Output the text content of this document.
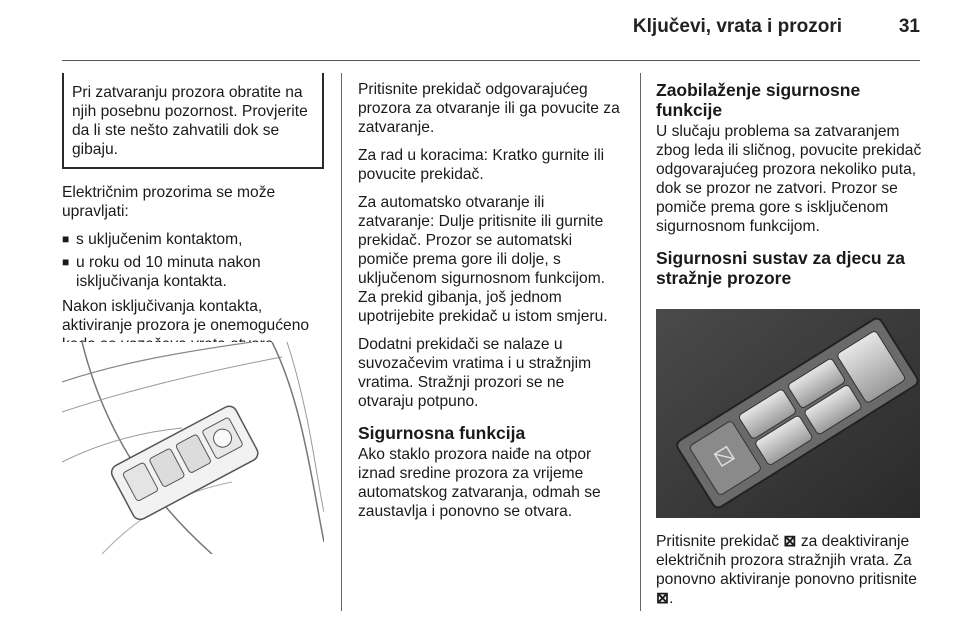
Ključevi, vrata i prozori	31
Pri zatvaranju prozora obratite na njih posebnu pozornost. Provjerite da li ste nešto zahvatili dok se gibaju.

Električnim prozorima se može upravljati:

■ s uključenim kontaktom,
■ u roku od 10 minuta nakon isključivanja kontakta.

Nakon isključivanja kontakta, aktiviranje prozora je onemogućeno

Pritisnite prekidač odgovarajućeg prozora za otvaranje ili ga povucite za zatvaranje.

Za rad u koracima: Kratko gurnite ili povucite prekidač.

Za automatsko otvaranje ili zatvaranje: Dulje pritisnite ili gurnite prekidač. Prozor se automatski pomiče prema gore ili dolje, s uključenom sigurnosnom funkcijom. Za prekid gibanja, još jednom upotrijebite prekidač u istom smjeru.

Dodatni prekidači se nalaze u suvozačevim vratima i u stražnjim vratima. Stražnji prozori se ne otvaraju potpuno.

Sigurnosna funkcija

Ako staklo prozora naiđe na otpor iznad sredine prozora za vrijeme automatskog zatvaranja, odmah se zaustavlja i ponovno se otvara.

Zaobilaženje sigurnosne funkcije

U slučaju problema sa zatvaranjem zbog leda ili sličnog, povucite prekidač odgovarajućeg prozora nekoliko puta, dok se prozor ne zatvori. Prozor se pomiče prema gore s isključenom sigurnosnom funkcijom.

Sigurnosni sustav za djecu za stražnje prozore

Pritisnite prekidač ⊠ za deaktiviranje električnih prozora stražnjih vrata. Za ponovno aktiviranje ponovno pritisnite ⊠.
